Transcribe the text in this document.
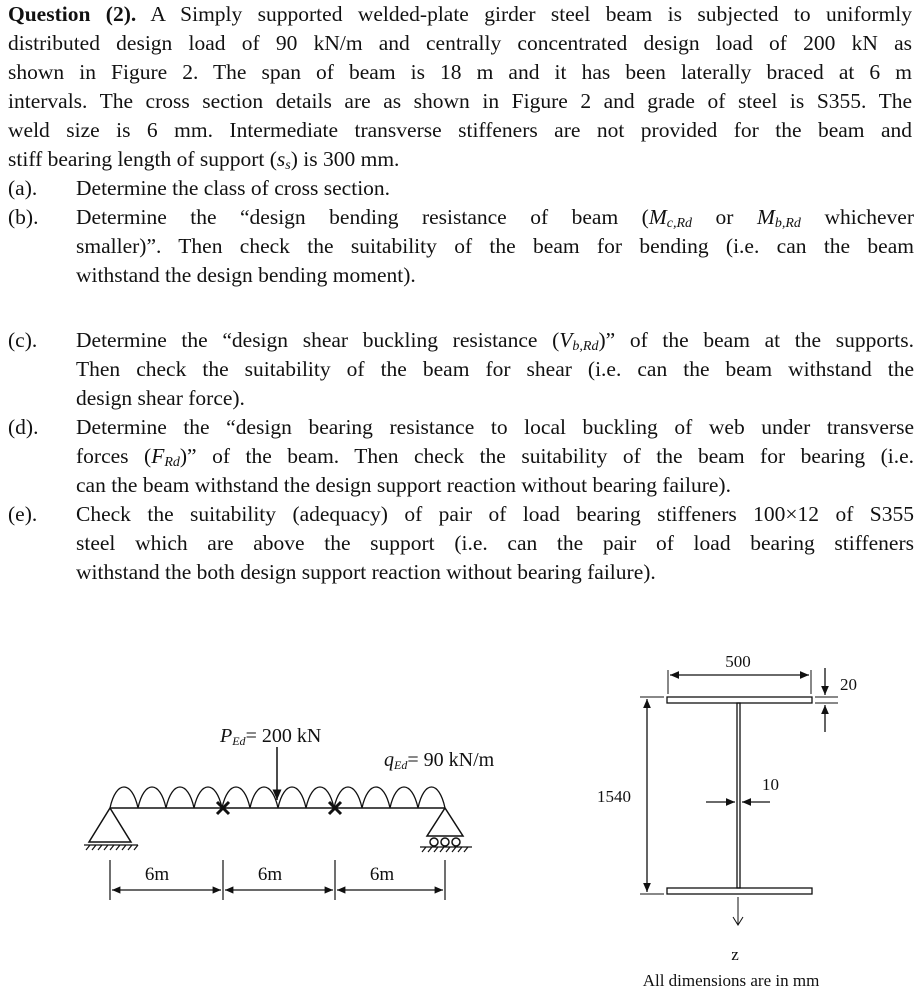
Question (2). A Simply supported welded-plate girder steel beam is subjected to uniformly
distributed design load of 90 kN/m and centrally concentrated design load of 200 kN as
shown in Figure 2. The span of beam is 18 m and it has been laterally braced at 6 m
intervals. The cross section details are as shown in Figure 2 and grade of steel is S355. The
weld size is 6 mm. Intermediate transverse stiffeners are not provided for the beam and
stiff bearing length of support $(s_s)$ is 300 mm.
(a). Determine the class of cross section.
(b). Determine the “design bending resistance of beam ($M_{c,Rd}$ or $M_{b,Rd}$ whichever
smaller)”. Then check the suitability of the beam for bending (i.e. can the beam
withstand the design bending moment).
(c). Determine the “design shear buckling resistance $(V_{b,Rd})$” of the beam at the supports.
Then check the suitability of the beam for shear (i.e. can the beam withstand the
design shear force).
(d). Determine the “design bearing resistance to local buckling of web under transverse
forces $(F_{Rd})$” of the beam. Then check the suitability of the beam for bearing (i.e.
can the beam withstand the design support reaction without bearing failure).
(e). Check the suitability (adequacy) of pair of load bearing stiffeners 100×12 of S355
steel which are above the support (i.e. can the pair of load bearing stiffeners
withstand the both design support reaction without bearing failure).
PEd= 200 kN
qEd= 90 kN/m
6m	6m	6m
500
20
1540
10
z
All dimensions are in mm
